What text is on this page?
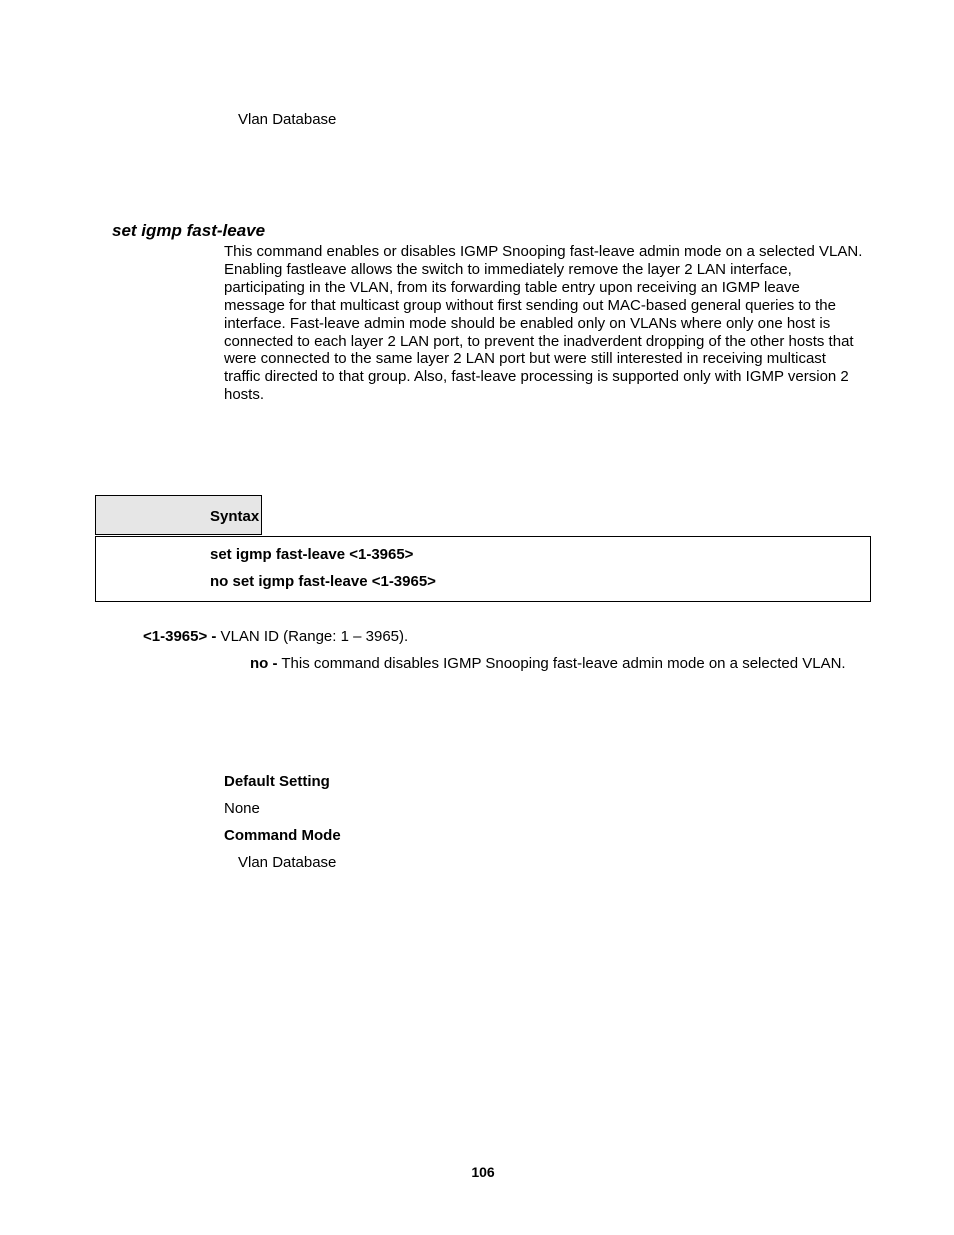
Vlan Database
set igmp fast-leave

This command enables or disables IGMP Snooping fast-leave admin mode on a selected VLAN. Enabling fastleave allows the switch to immediately remove the layer 2 LAN interface, participating in the VLAN, from its forwarding table entry upon receiving an IGMP leave message for that multicast group without first sending out MAC-based general queries to the interface. Fast-leave admin mode should be enabled only on VLANs where only one host is connected to each layer 2 LAN port, to prevent the inadverdent dropping of the other hosts that were connected to the same layer 2 LAN port but were still interested in receiving multicast traffic directed to that group. Also, fast-leave processing is supported only with IGMP version 2 hosts.

Syntax
set igmp fast-leave <1-3965>
no set igmp fast-leave <1-3965>
<1-3965> - VLAN ID (Range: 1 – 3965).

no - This command disables IGMP Snooping fast-leave admin mode on a selected VLAN.

Default Setting
None
Command Mode
Vlan Database
106
